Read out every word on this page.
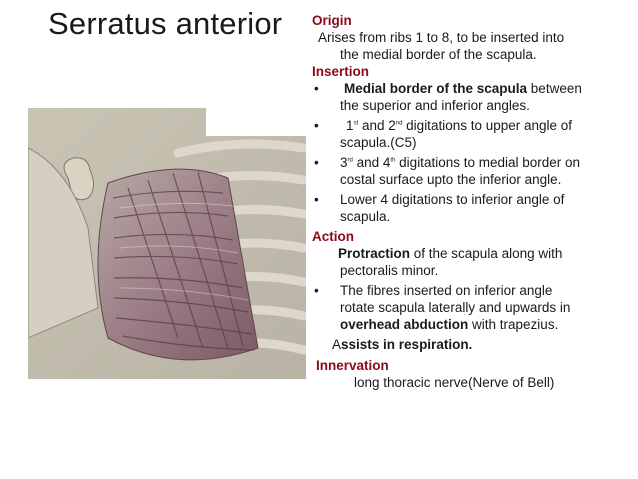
Serratus anterior Origin

Arises from ribs 1 to 8, to be inserted into

the medial border of the scapula.

Insertion

• Medial border of the scapula between
the superior and inferior angles.
•	1st and 2nd digitations to upper angle of
scapula.(C5)
• 3rd and 4th digitations to medial border on
costal surface upto the inferior angle.
• Lower 4 digitations to inferior angle of
scapula.

Action

Protraction of the scapula along with
pectoralis minor.
• The fibres inserted on inferior angle
rotate scapula laterally and upwards in
overhead abduction with trapezius.
Assists in respiration.

Innervation

long thoracic nerve(Nerve of Bell)
